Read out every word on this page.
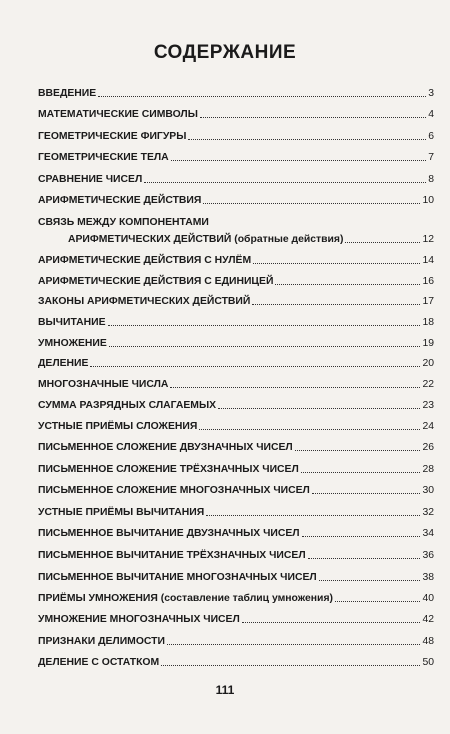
СОДЕРЖАНИЕ
ВВЕДЕНИЕ	3
МАТЕМАТИЧЕСКИЕ СИМВОЛЫ	4
ГЕОМЕТРИЧЕСКИЕ ФИГУРЫ	6
ГЕОМЕТРИЧЕСКИЕ ТЕЛА	7
СРАВНЕНИЕ ЧИСЕЛ	8
АРИФМЕТИЧЕСКИЕ ДЕЙСТВИЯ	10
СВЯЗЬ МЕЖДУ КОМПОНЕНТАМИ
АРИФМЕТИЧЕСКИХ ДЕЙСТВИЙ (обратные действия)	12
АРИФМЕТИЧЕСКИЕ ДЕЙСТВИЯ С НУЛЁМ	14
АРИФМЕТИЧЕСКИЕ ДЕЙСТВИЯ С ЕДИНИЦЕЙ	16
ЗАКОНЫ АРИФМЕТИЧЕСКИХ ДЕЙСТВИЙ	17
ВЫЧИТАНИЕ	18
УМНОЖЕНИЕ	19
ДЕЛЕНИЕ	20
МНОГОЗНАЧНЫЕ ЧИСЛА	22
СУММА РАЗРЯДНЫХ СЛАГАЕМЫХ	23
УСТНЫЕ ПРИЁМЫ СЛОЖЕНИЯ	24
ПИСЬМЕННОЕ СЛОЖЕНИЕ ДВУЗНАЧНЫХ ЧИСЕЛ	26
ПИСЬМЕННОЕ СЛОЖЕНИЕ ТРЁХЗНАЧНЫХ ЧИСЕЛ	28
ПИСЬМЕННОЕ СЛОЖЕНИЕ МНОГОЗНАЧНЫХ ЧИСЕЛ	30
УСТНЫЕ ПРИЁМЫ ВЫЧИТАНИЯ	32
ПИСЬМЕННОЕ ВЫЧИТАНИЕ ДВУЗНАЧНЫХ ЧИСЕЛ	34
ПИСЬМЕННОЕ ВЫЧИТАНИЕ ТРЁХЗНАЧНЫХ ЧИСЕЛ	36
ПИСЬМЕННОЕ ВЫЧИТАНИЕ МНОГОЗНАЧНЫХ ЧИСЕЛ	38
ПРИЁМЫ УМНОЖЕНИЯ (составление таблиц умножения)	40
УМНОЖЕНИЕ МНОГОЗНАЧНЫХ ЧИСЕЛ	42
ПРИЗНАКИ ДЕЛИМОСТИ	48
ДЕЛЕНИЕ С ОСТАТКОМ	50
111
